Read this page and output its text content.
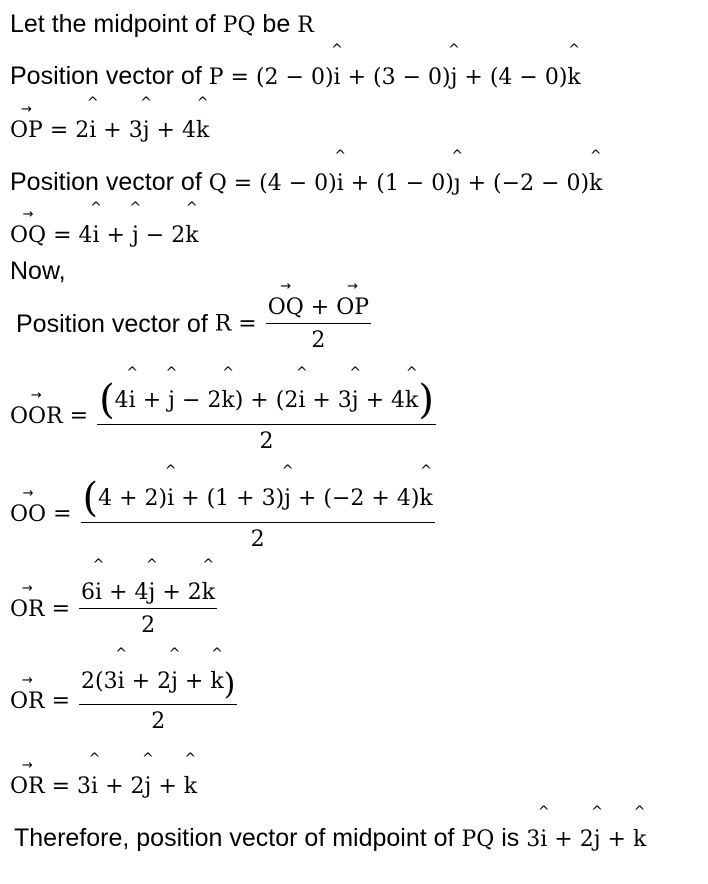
Let the midpoint of PQ be R
Position vector of P = (2 − 0)^ i + (3 − 0)^ j + (4 − 0)^ k
→ OP = 2^ i + 3^ j + 4^ k
Position vector of Q = (4 − 0)^ i + (1 − 0)^ ȷ + (−2 − 0)^ k
→ OQ = 4^ i + ^ j − 2^ k
Now,
Position vector of R =
→ $\frac{OQ + \to OP}{2}$
→ OOR = $\frac{(4\^{} i + \^{} j - 2\^{} k) + (2\^{} i + 3\^{} j + 4\^{} k)}{2}$
→ OO = $\frac{(4 + 2)\^{} i + (1 + 3)\^{} j + (-2 + 4)\^{} k}{2}$
→ OR = $\frac{6\^{} i + 4\^{} j + 2\^{} k}{2}$
→ OR = $\frac{2(3\^{} i + 2\^{} j + \^{} k)}{2}$
→ OR = 3^ i + 2^ j + ^ k
Therefore, position vector of midpoint of PQ is 3^ i + 2^ j + ^ k
